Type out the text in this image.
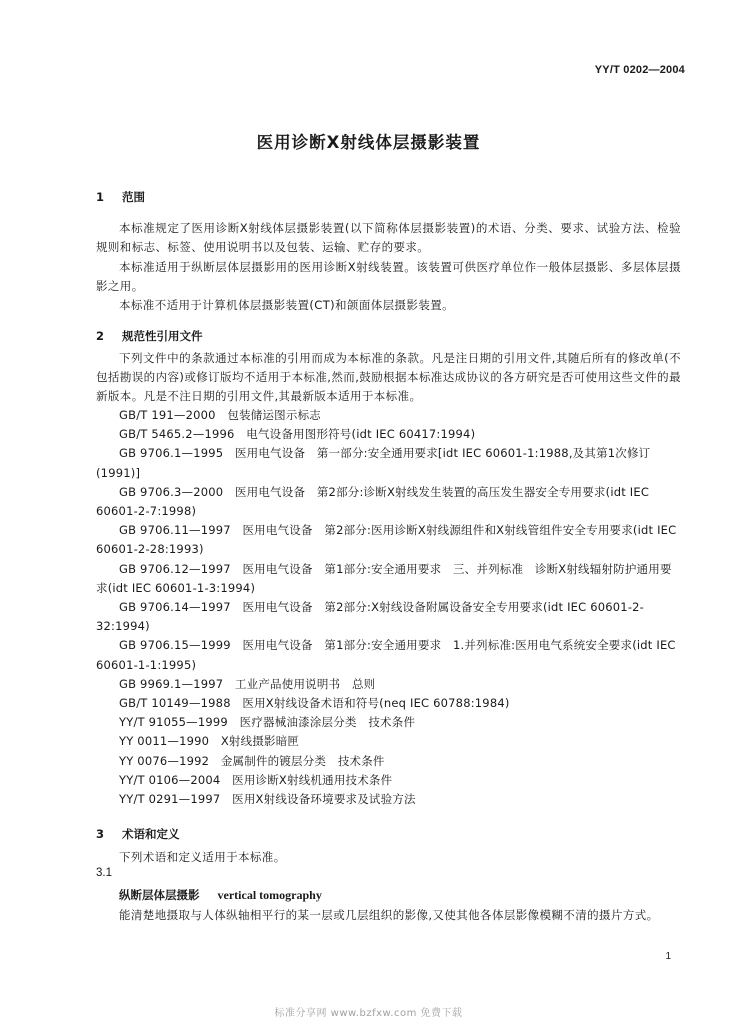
YY/T 0202—2004
医用诊断X射线体层摄影装置
1 范围
本标准规定了医用诊断X射线体层摄影装置(以下简称体层摄影装置)的术语、分类、要求、试验方法、检验规则和标志、标签、使用说明书以及包装、运输、贮存的要求。
本标准适用于纵断层体层摄影用的医用诊断X射线装置。该装置可供医疗单位作一般体层摄影、多层体层摄影之用。
本标准不适用于计算机体层摄影装置(CT)和颌面体层摄影装置。
2 规范性引用文件
下列文件中的条款通过本标准的引用而成为本标准的条款。凡是注日期的引用文件,其随后所有的修改单(不包括勘误的内容)或修订版均不适用于本标准,然而,鼓励根据本标准达成协议的各方研究是否可使用这些文件的最新版本。凡是不注日期的引用文件,其最新版本适用于本标准。
GB/T 191—2000　包装储运图示标志
GB/T 5465.2—1996　电气设备用图形符号(idt IEC 60417:1994)
GB 9706.1—1995　医用电气设备　第一部分:安全通用要求[idt IEC 60601-1:1988,及其第1次修订(1991)]
GB 9706.3—2000　医用电气设备　第2部分:诊断X射线发生装置的高压发生器安全专用要求(idt IEC 60601-2-7:1998)
GB 9706.11—1997　医用电气设备　第2部分:医用诊断X射线源组件和X射线管组件安全专用要求(idt IEC 60601-2-28:1993)
GB 9706.12—1997　医用电气设备　第1部分:安全通用要求　三、并列标准　诊断X射线辐射防护通用要求(idt IEC 60601-1-3:1994)
GB 9706.14—1997　医用电气设备　第2部分:X射线设备附属设备安全专用要求(idt IEC 60601-2-32:1994)
GB 9706.15—1999　医用电气设备　第1部分:安全通用要求　1.并列标准:医用电气系统安全要求(idt IEC 60601-1-1:1995)
GB 9969.1—1997　工业产品使用说明书　总则
GB/T 10149—1988　医用X射线设备术语和符号(neq IEC 60788:1984)
YY/T 91055—1999　医疗器械油漆涂层分类　技术条件
YY 0011—1990　X射线摄影暗匣
YY 0076—1992　金属制件的镀层分类　技术条件
YY/T 0106—2004　医用诊断X射线机通用技术条件
YY/T 0291—1997　医用X射线设备环境要求及试验方法
3 术语和定义
下列术语和定义适用于本标准。
3.1
纵断层体层摄影 vertical tomography
能清楚地摄取与人体纵轴相平行的某一层或几层组织的影像,又使其他各体层影像模糊不清的摄片方式。
1
标准分享网 www.bzfxw.com 免费下载
